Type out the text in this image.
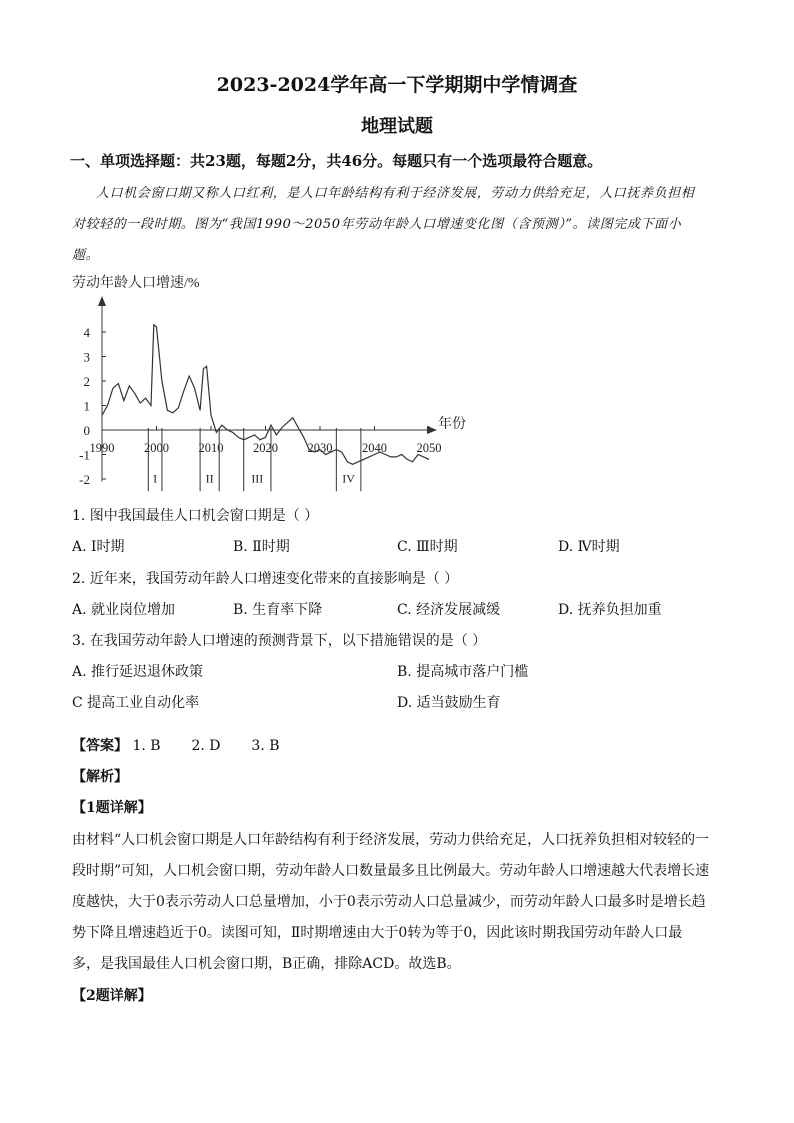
2023-2024学年高一下学期期中学情调查
地理试题
一、单项选择题：共23题，每题2分，共46分。每题只有一个选项最符合题意。
人口机会窗口期又称人口红利，是人口年龄结构有利于经济发展，劳动力供给充足，人口抚养负担相
对较轻的一段时期。图为“我国1990～2050年劳动年龄人口增速变化图（含预测）”。读图完成下面小
题。
劳动年龄人口增速/%
4
3
2
1
0
-1
-2
1990 2000 2010 2020 2030 2040 2050
I	II	III	IV
年份
1. 图中我国最佳人口机会窗口期是（ ）
A. Ⅰ时期	B. Ⅱ时期	C. Ⅲ时期	D. Ⅳ时期
2. 近年来，我国劳动年龄人口增速变化带来的直接影响是（ ）
A. 就业岗位增加	B. 生育率下降	C. 经济发展减缓	D. 抚养负担加重
3. 在我国劳动年龄人口增速的预测背景下，以下措施错误的是（ ）
A. 推行延迟退休政策	B. 提高城市落户门槛
C 提高工业自动化率	D. 适当鼓励生育
【答案】 1. B 2. D 3. B
【解析】
【1题详解】
由材料“人口机会窗口期是人口年龄结构有利于经济发展，劳动力供给充足，人口抚养负担相对较轻的一
段时期”可知，人口机会窗口期，劳动年龄人口数量最多且比例最大。劳动年龄人口增速越大代表增长速
度越快，大于0表示劳动人口总量增加，小于0表示劳动人口总量减少，而劳动年龄人口最多时是增长趋
势下降且增速趋近于0。读图可知，Ⅱ时期增速由大于0转为等于0，因此该时期我国劳动年龄人口最
多，是我国最佳人口机会窗口期，B正确，排除ACD。故选B。
【2题详解】
